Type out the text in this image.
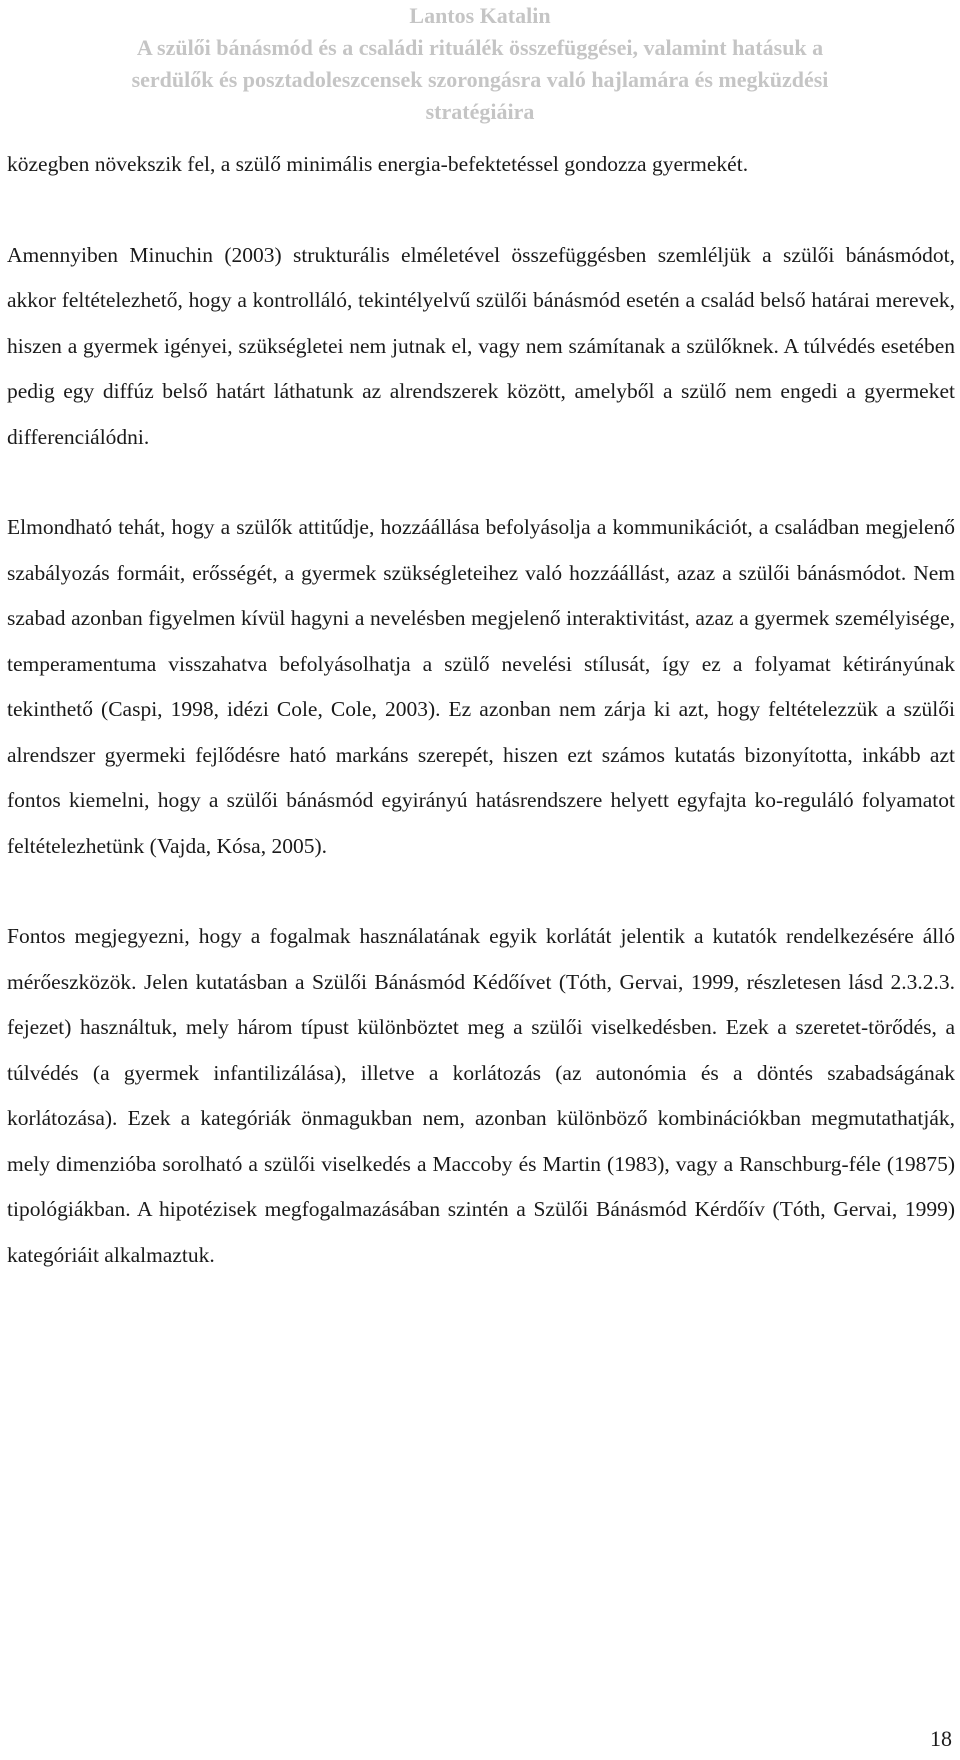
Lantos Katalin
A szülői bánásmód és a családi rituálék összefüggései, valamint hatásuk a
serdülők és posztadoleszcensek szorongásra való hajlamára és megküzdési
stratégiáira

közegben növekszik fel, a szülő minimális energia-befektetéssel gondozza gyermekét.

Amennyiben Minuchin (2003) strukturális elméletével összefüggésben szemléljük a szülői bánásmódot, akkor feltételezhető, hogy a kontrolláló, tekintélyelvű szülői bánásmód esetén a család belső határai merevek, hiszen a gyermek igényei, szükségletei nem jutnak el, vagy nem számítanak a szülőknek. A túlvédés esetében pedig egy diffúz belső határt láthatunk az alrendszerek között, amelyből a szülő nem engedi a gyermeket differenciálódni.

Elmondható tehát, hogy a szülők attitűdje, hozzáállása befolyásolja a kommunikációt, a családban megjelenő szabályozás formáit, erősségét, a gyermek szükségleteihez való hozzáállást, azaz a szülői bánásmódot. Nem szabad azonban figyelmen kívül hagyni a nevelésben megjelenő interaktivitást, azaz a gyermek személyisége, temperamentuma visszahatva befolyásolhatja a szülő nevelési stílusát, így ez a folyamat kétirányúnak tekinthető (Caspi, 1998, idézi Cole, Cole, 2003). Ez azonban nem zárja ki azt, hogy feltételezzük a szülői alrendszer gyermeki fejlődésre ható markáns szerepét, hiszen ezt számos kutatás bizonyította, inkább azt fontos kiemelni, hogy a szülői bánásmód egyirányú hatásrendszere helyett egyfajta ko-reguláló folyamatot feltételezhetünk (Vajda, Kósa, 2005).

Fontos megjegyezni, hogy a fogalmak használatának egyik korlátát jelentik a kutatók rendelkezésére álló mérőeszközök. Jelen kutatásban a Szülői Bánásmód Kédőívet (Tóth, Gervai, 1999, részletesen lásd 2.3.2.3. fejezet) használtuk, mely három típust különböztet meg a szülői viselkedésben. Ezek a szeretet-törődés, a túlvédés (a gyermek infantilizálása), illetve a korlátozás (az autonómia és a döntés szabadságának korlátozása). Ezek a kategóriák önmagukban nem, azonban különböző kombinációkban megmutathatják, mely dimenzióba sorolható a szülői viselkedés a Maccoby és Martin (1983), vagy a Ranschburg-féle (19875) tipológiákban. A hipotézisek megfogalmazásában szintén a Szülői Bánásmód Kérdőív (Tóth, Gervai, 1999) kategóriáit alkalmaztuk.

18
